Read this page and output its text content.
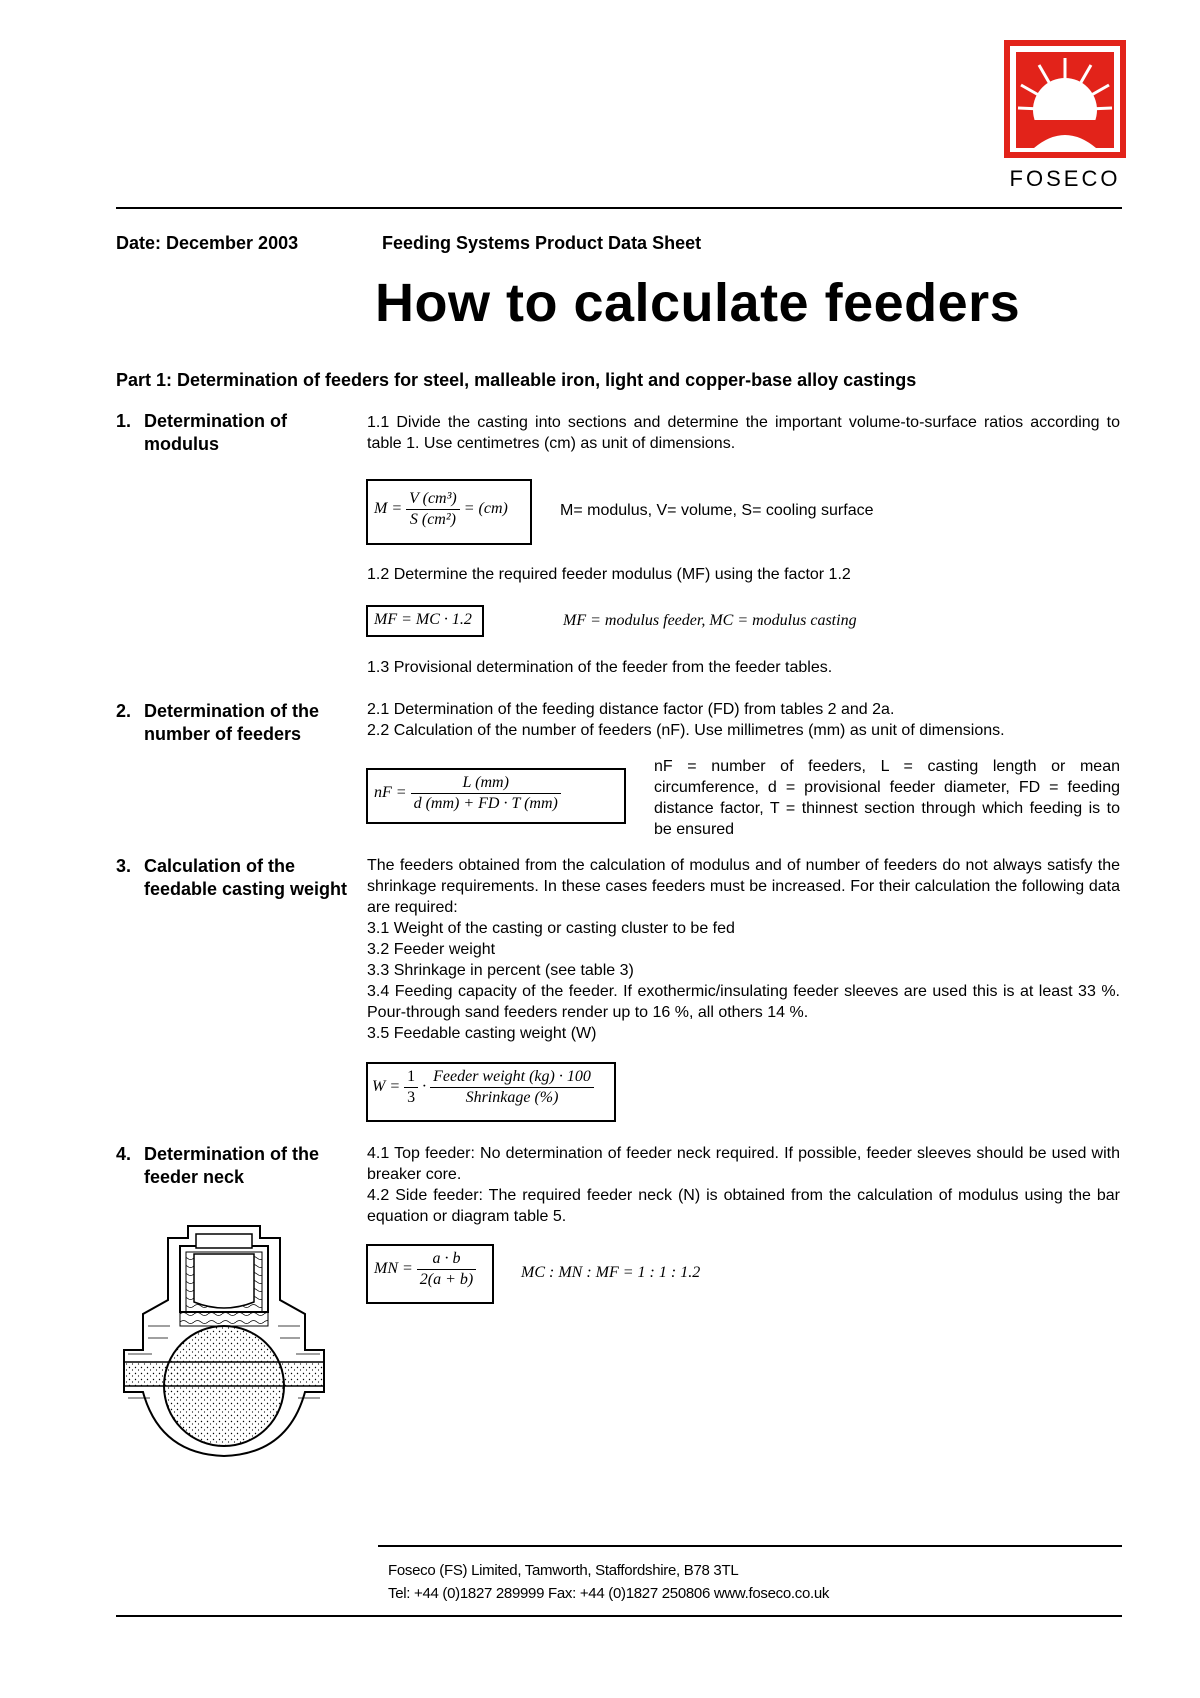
FOSECO
Date: December 2003	Feeding Systems Product Data Sheet
How to calculate feeders
Part 1: Determination of feeders for steel, malleable iron, light and copper-base alloy castings
1. Determination of modulus

1.1 Divide the casting into sections and determine the important volume-to-surface ratios according to table 1. Use centimetres (cm) as unit of dimensions.

$M = \frac{\text{V (cm³)}}{\text{S (cm²)}} = (cm)$	M= modulus, V= volume, S= cooling surface

1.2 Determine the required feeder modulus (MF) using the factor 1.2

MF = MC · 1.2	MF = modulus feeder, MC = modulus casting

1.3 Provisional determination of the feeder from the feeder tables.

2. Determination of the number of feeders

2.1 Determination of the feeding distance factor (FD) from tables 2 and 2a.

2.2 Calculation of the number of feeders (nF). Use millimetres (mm) as unit of dimensions.

nF = $\frac{L (mm)}{d (mm) + FD \cdot T (mm)}$
nF = number of feeders, L = casting length or mean circumference, d = provisional feeder diameter, FD = feeding distance factor, T = thinnest section through which feeding is to be ensured
3. Calculation of the feedable casting weight

The feeders obtained from the calculation of modulus and of number of feeders do not always satisfy the shrinkage requirements. In these cases feeders must be increased. For their calculation the following data are required:

3.1 Weight of the casting or casting cluster to be fed

3.2 Feeder weight

3.3 Shrinkage in percent (see table 3)

3.4 Feeding capacity of the feeder. If exothermic/insulating feeder sleeves are used this is at least 33 %. Pour-through sand feeders render up to 16 %, all others 14 %.

3.5 Feedable casting weight (W)

$W = \frac{1}{3} \cdot \frac{\text{Feeder weight (kg) · 100}}{\text{Shrinkage (\%)}}$
4. Determination of the feeder neck

4.1 Top feeder: No determination of feeder neck required. If possible, feeder sleeves should be used with breaker core.

4.2 Side feeder: The required feeder neck (N) is obtained from the calculation of modulus using the bar equation or diagram table 5.

MN = $\frac{a \cdot b}{2(a + b)}$	MC : MN : MF = 1 : 1 : 1.2
Foseco (FS) Limited, Tamworth, Staffordshire, B78 3TL
Tel: +44 (0)1827 289999 Fax: +44 (0)1827 250806 www.foseco.co.uk
